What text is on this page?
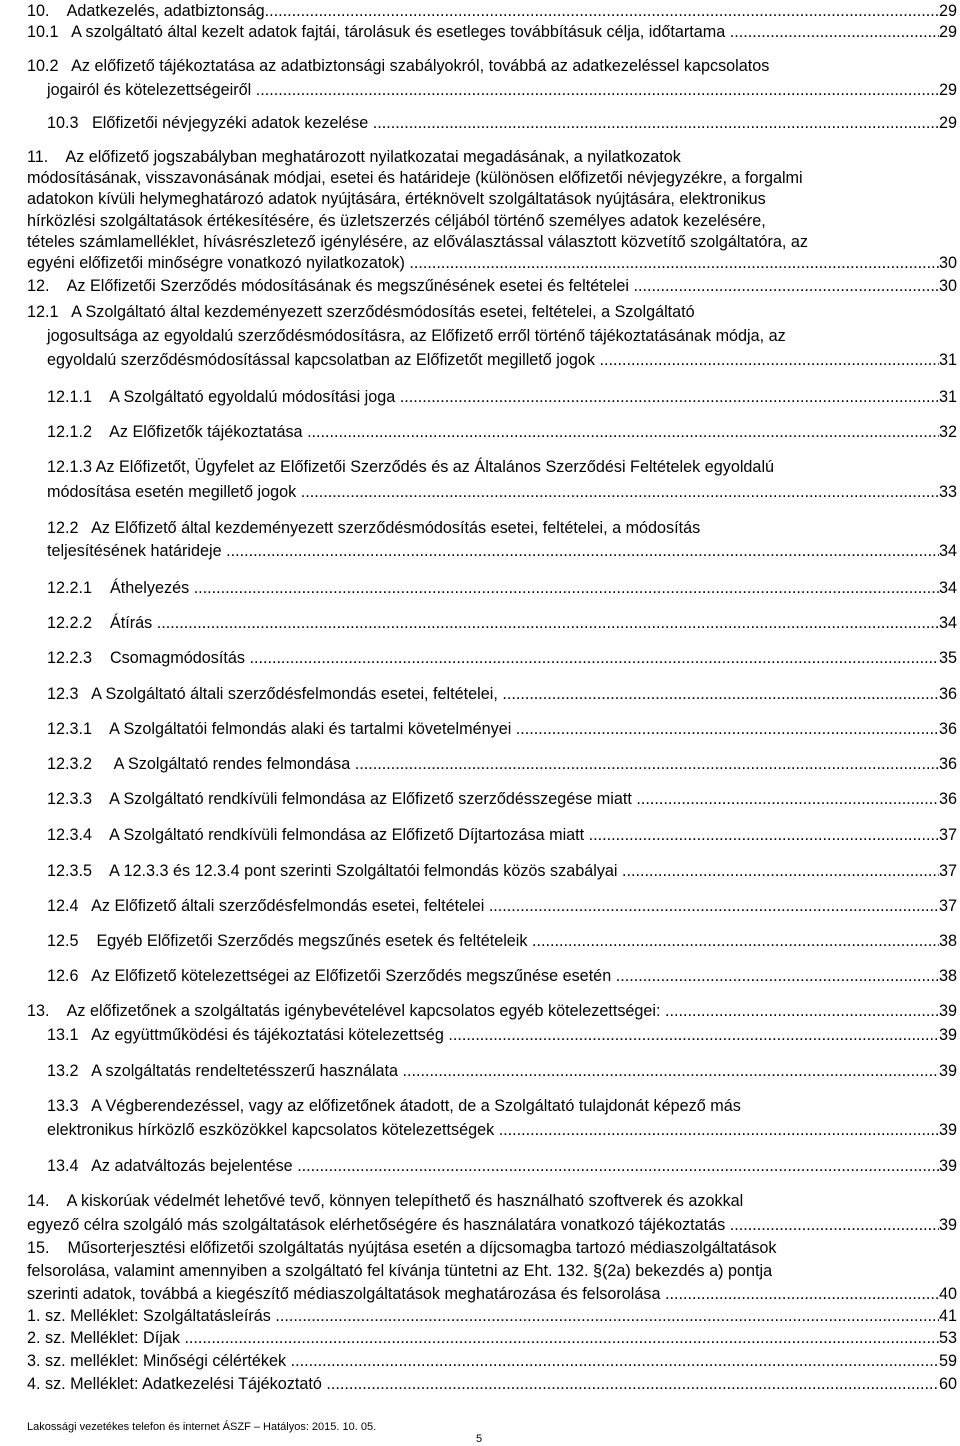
10.    Adatkezelés, adatbiztonság .....	29
10.1   A szolgáltató által kezelt adatok fajtái, tárolásuk és esetleges továbbításuk célja, időtartama .....	29
10.2   Az előfizető tájékoztatása az adatbiztonsági szabályokról, továbbá az adatkezeléssel kapcsolatos
jogairól és kötelezettségeiről .....	29
10.3   Előfizetői névjegyzéki adatok kezelése .....	29
11.    Az előfizető jogszabályban meghatározott nyilatkozatai megadásának, a nyilatkozatok
módosításának, visszavonásának módjai, esetei és határideje (különösen előfizetői névjegyzékre, a forgalmi
adatokon kívüli helymeghatározó adatok nyújtására, értéknövelt szolgáltatások nyújtására, elektronikus
hírközlési szolgáltatások értékesítésére, és üzletszerzés céljából történő személyes adatok kezelésére,
tételes számlamelléklet, hívásrészletező igénylésére, az előválasztással választott közvetítő szolgáltatóra, az
egyéni előfizetői minőségre vonatkozó nyilatkozatok) .....	30
12.    Az Előfizetői Szerződés módosításának és megszűnésének esetei és feltételei .....	30
12.1   A Szolgáltató által kezdeményezett szerződésmódosítás esetei, feltételei, a Szolgáltató
jogosultsága az egyoldalú szerződésmódosításra, az Előfizető erről történő tájékoztatásának módja, az
egyoldalú szerződésmódosítással kapcsolatban az Előfizetőt megillető jogok .....	31
12.1.1    A Szolgáltató egyoldalú módosítási joga .....	31
12.1.2    Az Előfizetők tájékoztatása .....	32
12.1.3 Az Előfizetőt, Ügyfelet az Előfizetői Szerződés és az Általános Szerződési Feltételek egyoldalú
módosítása esetén megillető jogok .....	33
12.2   Az Előfizető által kezdeményezett szerződésmódosítás esetei, feltételei, a módosítás
teljesítésének határideje .....	34
12.2.1    Áthelyezés .....	34
12.2.2    Átírás .....	34
12.2.3    Csomagmódosítás .....	35
12.3   A Szolgáltató általi szerződésfelmondás esetei, feltételei, .....	36
12.3.1    A Szolgáltatói felmondás alaki és tartalmi követelményei .....	36
12.3.2     A Szolgáltató rendes felmondása .....	36
12.3.3    A Szolgáltató rendkívüli felmondása az Előfizető szerződésszegése miatt .....	36
12.3.4    A Szolgáltató rendkívüli felmondása az Előfizető Díjtartozása miatt .....	37
12.3.5    A 12.3.3 és 12.3.4 pont szerinti Szolgáltatói felmondás közös szabályai .....	37
12.4   Az Előfizető általi szerződésfelmondás esetei, feltételei .....	37
12.5    Egyéb Előfizetői Szerződés megszűnés esetek és feltételeik .....	38
12.6   Az Előfizető kötelezettségei az Előfizetői Szerződés megszűnése esetén .....	38
13.    Az előfizetőnek a szolgáltatás igénybevételével kapcsolatos egyéb kötelezettségei: .....	39
13.1   Az együttműködési és tájékoztatási kötelezettség .....	39
13.2   A szolgáltatás rendeltetésszerű használata .....	39
13.3   A Végberendezéssel, vagy az előfizetőnek átadott, de a Szolgáltató tulajdonát képező más
elektronikus hírközlő eszközökkel kapcsolatos kötelezettségek .....	39
13.4   Az adatváltozás bejelentése .....	39
14.    A kiskorúak védelmét lehetővé tevő, könnyen telepíthető és használható szoftverek és azokkal
egyező célra szolgáló más szolgáltatások elérhetőségére és használatára vonatkozó tájékoztatás .....	39
15.    Műsorterjesztési előfizetői szolgáltatás nyújtása esetén a díjcsomagba tartozó médiaszolgáltatások
felsorolása, valamint amennyiben a szolgáltató fel kívánja tüntetni az Eht. 132. §(2a) bekezdés a) pontja
szerinti adatok, továbbá a kiegészítő médiaszolgáltatások meghatározása és felsorolása .....	40
1. sz. Melléklet: Szolgáltatásleírás .....	41
2. sz. Melléklet: Díjak .....	53
3. sz. melléklet: Minőségi célértékek .....	59
4. sz. Melléklet: Adatkezelési Tájékoztató .....	60
Lakossági vezetékes telefon és internet ÁSZF – Hatályos: 2015. 10. 05.
5
